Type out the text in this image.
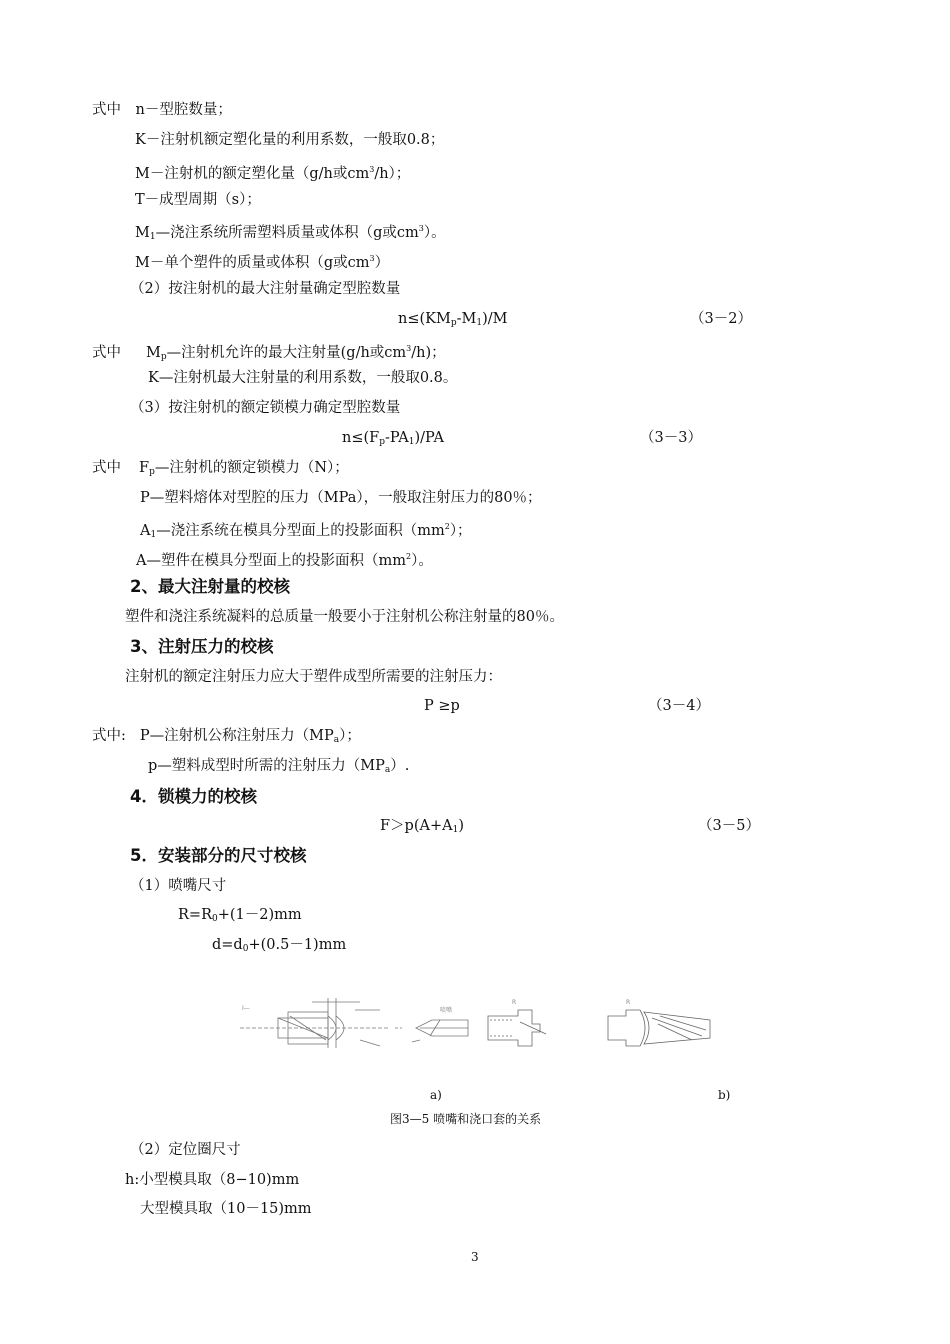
式中　n－型腔数量；
K－注射机额定塑化量的利用系数，一般取0.8；
M－注射机的额定塑化量（g/h或$cm^3/h$）；
T－成型周期（s）；
$M_1—$浇注系统所需塑料质量或体积（g或$cm^3$）。
M－单个塑件的质量或体积（g或$cm^3$）
（2）按注射机的最大注射量确定型腔数量
$n\le(KM_p-M_1)/M$	（3－2）
式中 $M_p—$注射机允许的最大注射量(g/h或$cm^3/h$)；
K—注射机最大注射量的利用系数，一般取0.8。
（3）按注射机的额定锁模力确定型腔数量
$n\le(F_p-PA_1)/PA$	（3－3）
式中 $F_p—$注射机的额定锁模力（N）；
P—塑料熔体对型腔的压力（MPa），一般取注射压力的80％；
$A_1—$浇注系统在模具分型面上的投影面积$(mm^2)$；
A—塑件在模具分型面上的投影面积$(mm^2)$。
2、最大注射量的校核
塑件和浇注系统凝料的总质量一般要小于注射机公称注射量的80％。
3、注射压力的校核
注射机的额定注射压力应大于塑件成型所需要的注射压力：
P ≥p	（3－4）
式中: P—注射机公称注射压力$(MP_a)$；
p—塑料成型时所需的注射压力$(MP_a)$.
4．锁模力的校核
$F>p(A+A_1)$	（3－5）
5．安装部分的尺寸校核
（1）喷嘴尺寸
$R=R_0+(1-2)mm$
$d=d_0+(0.5-1)mm$
I—	喷嘴
R	R
a)	b)
图3—5 喷嘴和浇口套的关系
（2）定位圈尺寸
h:小型模具取（8−10)mm
大型模具取（10－15)mm
3
